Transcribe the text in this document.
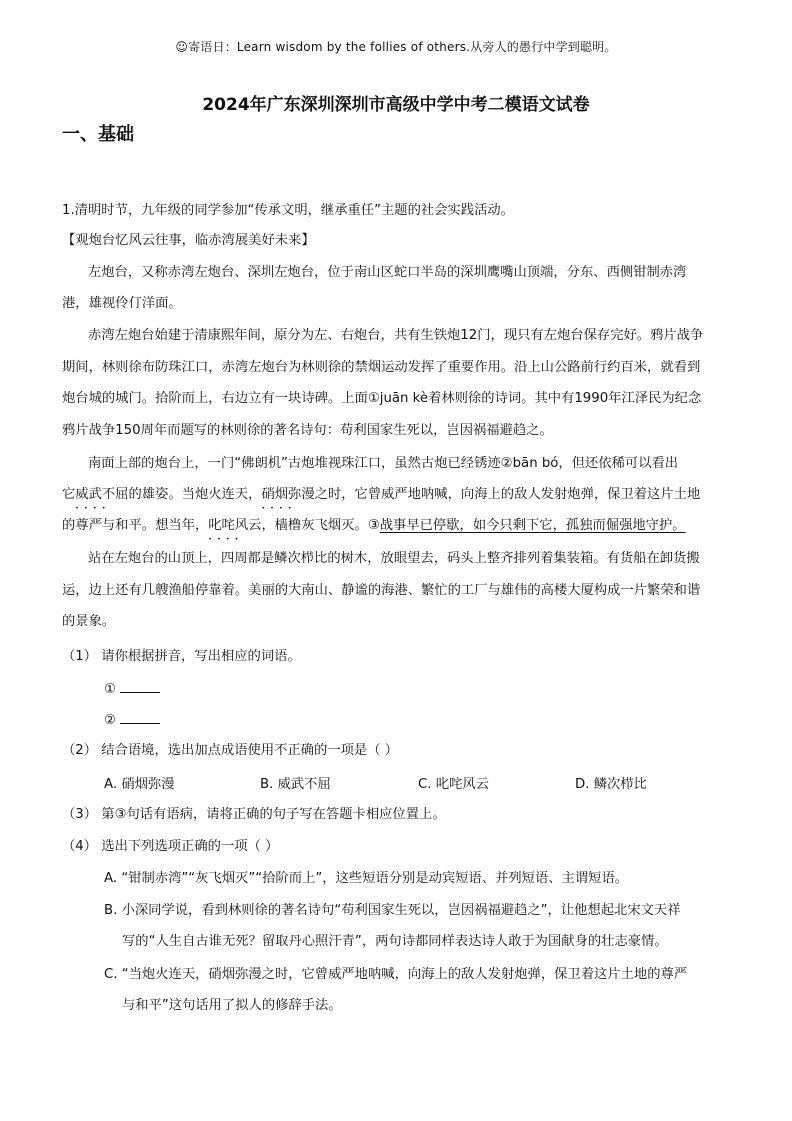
☺寄语日：Learn wisdom by the follies of others.从旁人的愚行中学到聪明。
2024年广东深圳深圳市高级中学中考二模语文试卷
一、基础
1.清明时节，九年级的同学参加“传承文明，继承重任”主题的社会实践活动。
【观炮台忆风云往事，临赤湾展美好未来】
左炮台，又称赤湾左炮台、深圳左炮台，位于南山区蛇口半岛的深圳鹰嘴山顶端，分东、西侧钳制赤湾
港，雄视伶仃洋面。
赤湾左炮台始建于清康熙年间，原分为左、右炮台，共有生铁炮12门，现只有左炮台保存完好。鸦片战争
期间，林则徐布防珠江口，赤湾左炮台为林则徐的禁烟运动发挥了重要作用。沿上山公路前行约百米，就看到
炮台城的城门。拾阶而上，右边立有一块诗碑。上面①juān kè着林则徐的诗词。其中有1990年江泽民为纪念
鸦片战争150周年而题写的林则徐的著名诗句：苟利国家生死以，岂因祸福避趋之。
南面上部的炮台上，一门“佛朗机”古炮堆视珠江口，虽然古炮已经锈迹②bān bó，但还依稀可以看出
它威武不屈 • • • •的雄姿。当炮火连天，硝烟弥漫 • • • •之时，它曾威严地呐喊，向海上的敌人发射炮弹，保卫着这片土地
的尊严与和平。想当年，叱咤风云 • • • •，樯橹灰飞烟灭。③战事早已停歇，如今只剩下它，孤独而倔强地守护。
站在左炮台的山顶上，四周都是鳞次栉比的树木，放眼望去，码头上整齐排列着集装箱。有货船在卸货搬
运，边上还有几艘渔船停靠着。美丽的大南山、静谧的海港、繁忙的工厂与雄伟的高楼大厦构成一片繁荣和谐
的景象。
（1） 请你根据拼音，写出相应的词语。
①
②
（2） 结合语境，选出加点成语使用不正确的一项是（ ）
A. 硝烟弥漫	B. 威武不屈	C. 叱咤风云	D. 鳞次栉比
（3） 第③句话有语病，请将正确的句子写在答题卡相应位置上。
（4） 选出下列选项正确的一项（ ）
A. “钳制赤湾”“灰飞烟灭”“拾阶而上”，这些短语分别是动宾短语、并列短语、主谓短语。
B. 小深同学说，看到林则徐的著名诗句“苟利国家生死以，岂因祸福避趋之”，让他想起北宋文天祥
写的“人生自古谁无死？留取丹心照汗青”，两句诗都同样表达诗人敢于为国献身的壮志豪情。
C. “当炮火连天，硝烟弥漫之时，它曾威严地呐喊，向海上的敌人发射炮弹，保卫着这片土地的尊严
与和平”这句话用了拟人的修辞手法。
